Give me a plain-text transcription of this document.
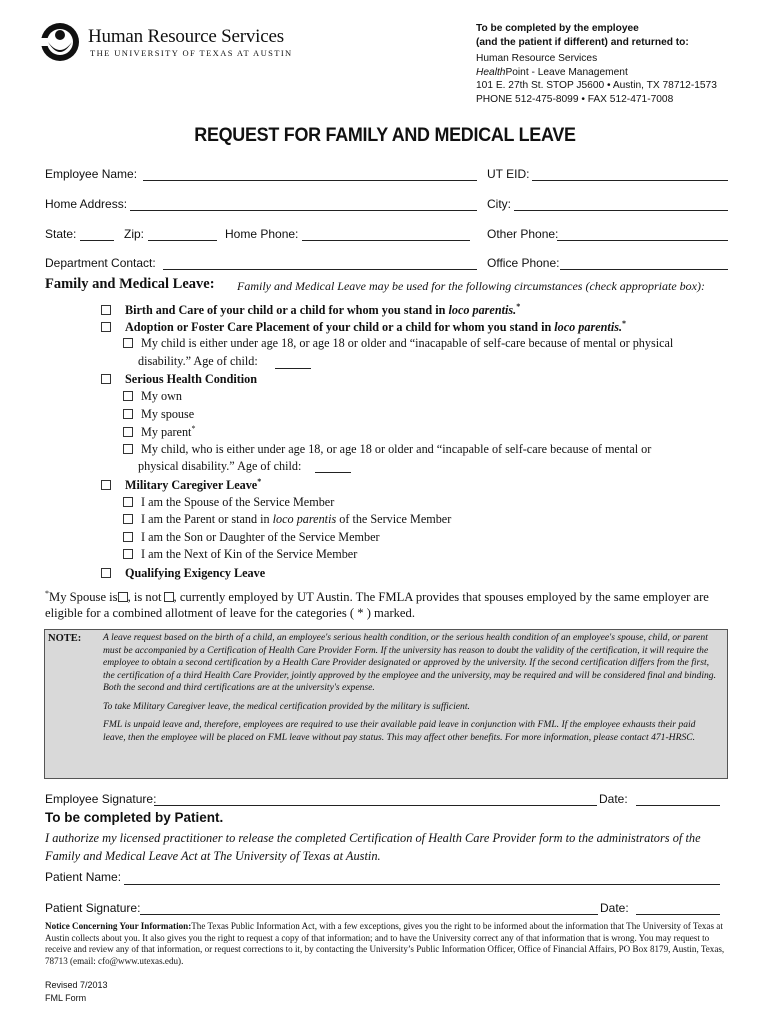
Human Resource Services
THE UNIVERSITY OF TEXAS AT AUSTIN
To be completed by the employee
(and the patient if different) and returned to:
Human Resource Services
HealthPoint - Leave Management
101 E. 27th St. STOP J5600 • Austin, TX 78712-1573
PHONE 512-475-8099 • FAX 512-471-7008
REQUEST FOR FAMILY AND MEDICAL LEAVE
Employee Name:	UT EID:
Home Address:	City:
State:	Zip:	Home Phone:	Other Phone:
Department Contact:	Office Phone:
Family and Medical Leave: Family and Medical Leave may be used for the following circumstances (check appropriate box):
Birth and Care of your child or a child for whom you stand in loco parentis.*
Adoption or Foster Care Placement of your child or a child for whom you stand in loco parentis.*
My child is either under age 18, or age 18 or older and “inacapable of self-care because of mental or physical
disability.” Age of child:
Serious Health Condition
My own
My spouse
My parent*
My child, who is either under age 18, or age 18 or older and “incapable of self-care because of mental or
physical disability.” Age of child:
Military Caregiver Leave*
I am the Spouse of the Service Member
I am the Parent or stand in loco parentis of the Service Member
I am the Son or Daughter of the Service Member
I am the Next of Kin of the Service Member
Qualifying Exigency Leave
*My Spouse is , is not , currently employed by UT Austin. The FMLA provides that spouses employed by the same employer are
eligible for a combined allotment of leave for the categories ( * ) marked.
NOTE: A leave request based on the birth of a child, an employee's serious health condition, or the serious health condition of an employee's spouse, child, or parent must be accompanied by a Certification of Health Care Provider Form. If the university has reason to doubt the validity of the certification, it will require the employee to obtain a second certification by a Health Care Provider designated or approved by the university. If the second certification differs from the first, the certification of a third Health Care Provider, jointly approved by the employee and the university, may be required and will be considered final and binding. Both the second and third certifications are at the university's expense.

To take Military Caregiver leave, the medical certification provided by the military is sufficient.

FML is unpaid leave and, therefore, employees are required to use their available paid leave in conjunction with FML. If the employee exhausts their paid leave, then the employee will be placed on FML leave without pay status. This may affect other benefits. For more information, please contact 471-HRSC.

Employee Signature:	Date:
To be completed by Patient.
I authorize my licensed practitioner to release the completed Certification of Health Care Provider form to the administrators of the Family and Medical Leave Act at The University of Texas at Austin.
Patient Name:
Patient Signature:	Date:
Notice Concerning Your Information:The Texas Public Information Act, with a few exceptions, gives you the right to be informed about the information that The University of Texas at Austin collects about you. It also gives you the right to request a copy of that information; and to have the University correct any of that information that is wrong. You may request to receive and review any of that information, or request corrections to it, by contacting the University’s Public Information Officer, Office of Financial Affairs, PO Box 8179, Austin, Texas, 78713 (email: cfo@www.utexas.edu).
Revised 7/2013
FML Form
